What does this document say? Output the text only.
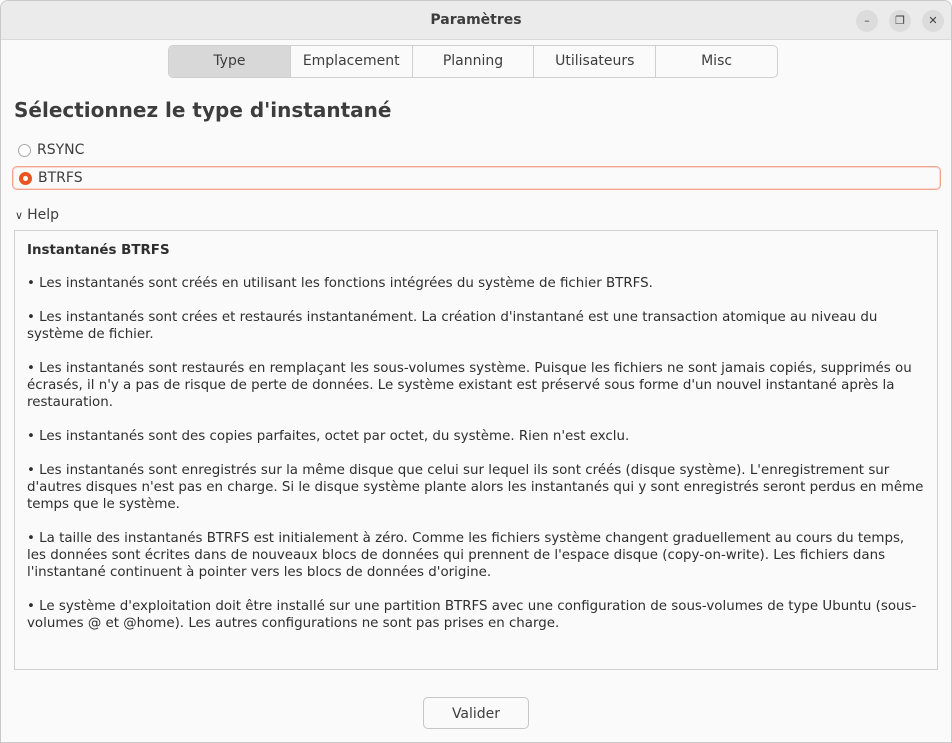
Paramètres	–	❐	✕
Type	Emplacement	Planning	Utilisateurs	Misc
Sélectionnez le type d'instantané
RSYNC
BTRFS
∨ Help
Instantanés BTRFS
• Les instantanés sont créés en utilisant les fonctions intégrées du système de fichier BTRFS.
• Les instantanés sont crées et restaurés instantanément. La création d'instantané est une transaction atomique au niveau du système de fichier.
• Les instantanés sont restaurés en remplaçant les sous-volumes système. Puisque les fichiers ne sont jamais copiés, supprimés ou écrasés, il n'y a pas de risque de perte de données. Le système existant est préservé sous forme d'un nouvel instantané après la restauration.
• Les instantanés sont des copies parfaites, octet par octet, du système. Rien n'est exclu.
• Les instantanés sont enregistrés sur la même disque que celui sur lequel ils sont créés (disque système). L'enregistrement sur d'autres disques n'est pas en charge. Si le disque système plante alors les instantanés qui y sont enregistrés seront perdus en même temps que le système.
• La taille des instantanés BTRFS est initialement à zéro. Comme les fichiers système changent graduellement au cours du temps, les données sont écrites dans de nouveaux blocs de données qui prennent de l'espace disque (copy-on-write). Les fichiers dans l'instantané continuent à pointer vers les blocs de données d'origine.
• Le système d'exploitation doit être installé sur une partition BTRFS avec une configuration de sous-volumes de type Ubuntu (sous-volumes @ et @home). Les autres configurations ne sont pas prises en charge.
Valider
